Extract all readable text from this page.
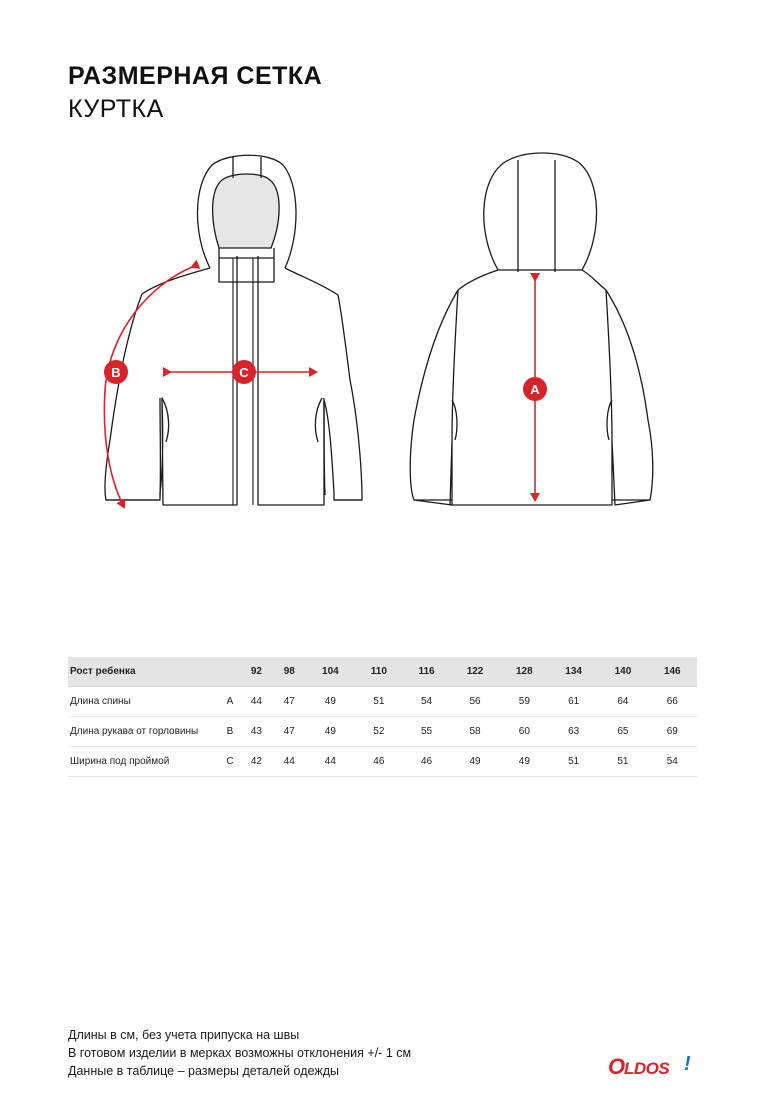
РАЗМЕРНАЯ СЕТКА
КУРТКА
B	C
A
Рост ребенка		92	98	104	110	116	122	128	134	140	146
Длина спины	A	44	47	49	51	54	56	59	61	64	66
Длина рукава от горловины	B	43	47	49	52	55	58	60	63	65	69
Ширина под проймой	C	42	44	44	46	46	49	49	51	51	54
Длины в см, без учета припуска на швы
В готовом изделии в мерках возможны отклонения +/- 1 см
Данные в таблице – размеры деталей одежды	O LDOS !
